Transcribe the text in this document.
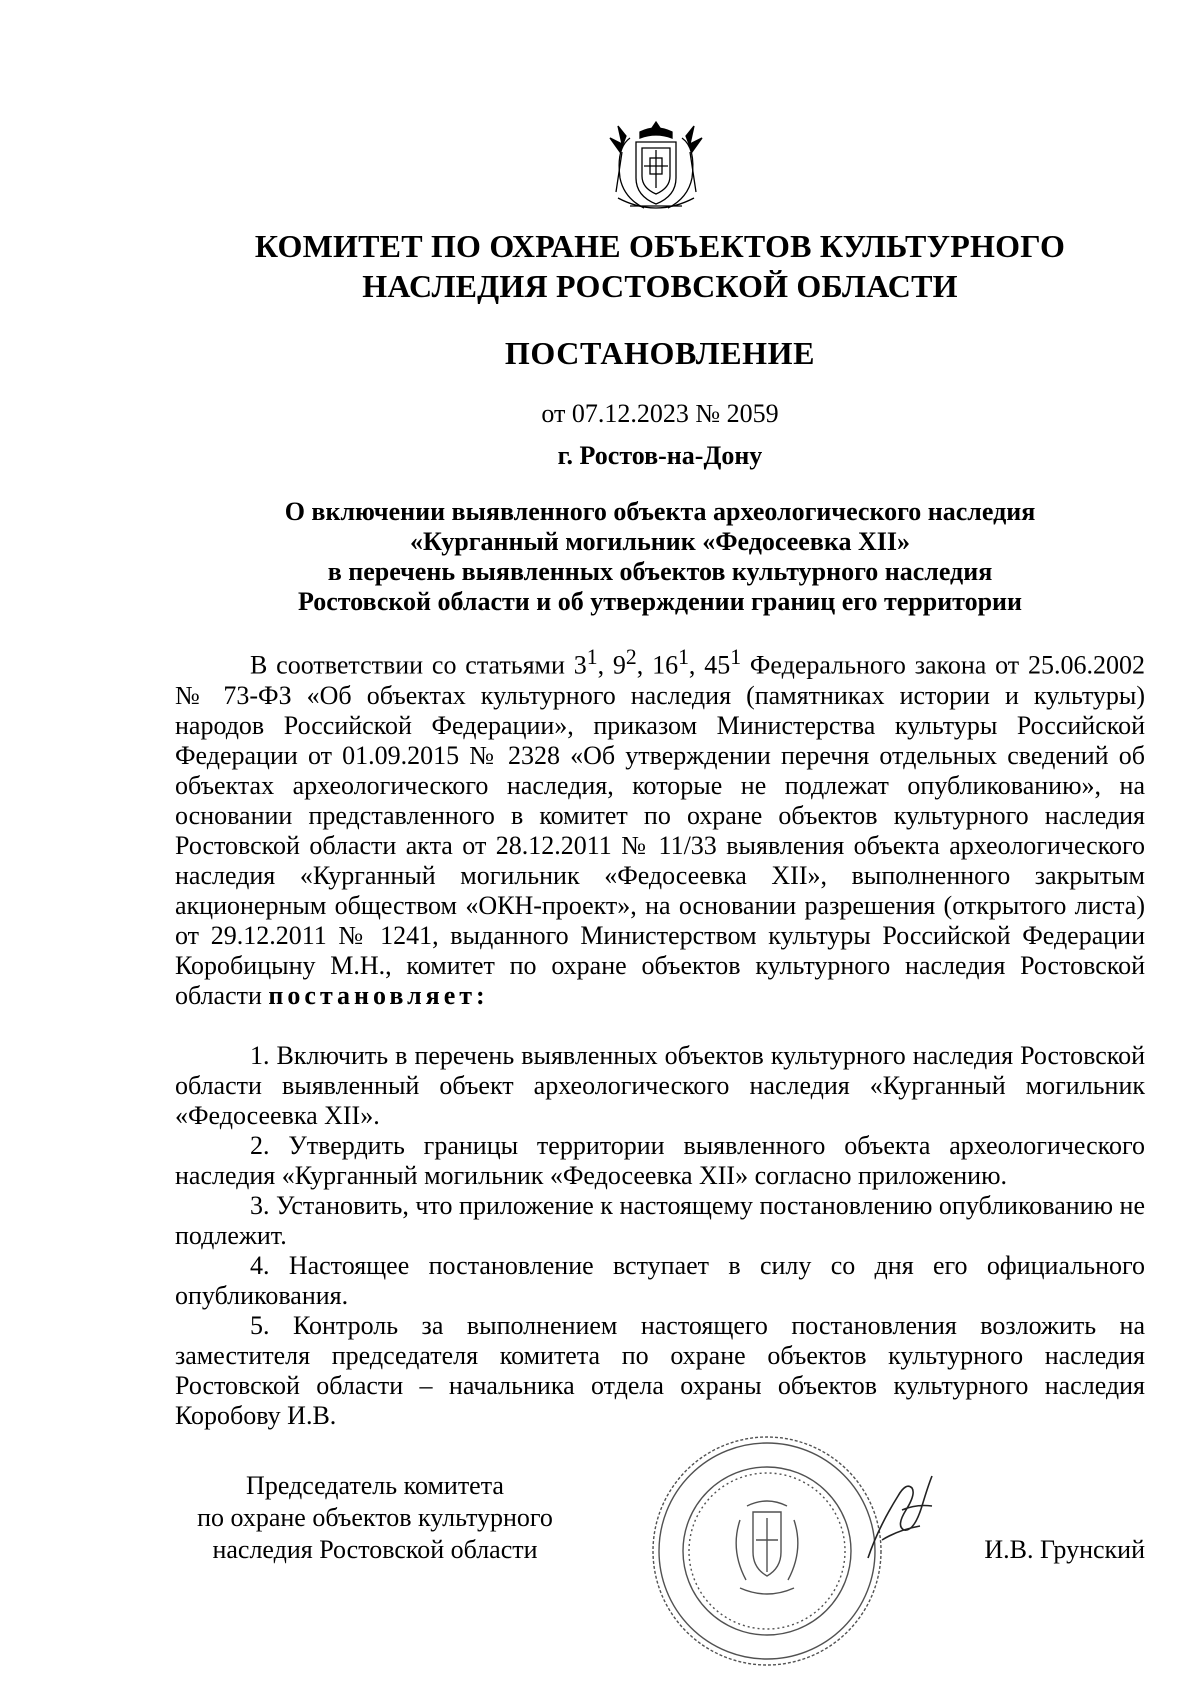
КОМИТЕТ ПО ОХРАНЕ ОБЪЕКТОВ КУЛЬТУРНОГО
НАСЛЕДИЯ РОСТОВСКОЙ ОБЛАСТИ
ПОСТАНОВЛЕНИЕ
от 07.12.2023 № 2059
г. Ростов-на-Дону
О включении выявленного объекта археологического наследия
«Курганный могильник «Федосеевка XII»
в перечень выявленных объектов культурного наследия
Ростовской области и об утверждении границ его территории

В соответствии со статьями $3^1$, $9^2$, $16^1$, $45^1$ Федерального закона от 25.06.2002 № 73-ФЗ «Об объектах культурного наследия (памятниках истории и культуры) народов Российской Федерации», приказом Министерства культуры Российской Федерации от 01.09.2015 № 2328 «Об утверждении перечня отдельных сведений об объектах археологического наследия, которые не подлежат опубликованию», на основании представленного в комитет по охране объектов культурного наследия Ростовской области акта от 28.12.2011 № 11/33 выявления объекта археологического наследия «Курганный могильник «Федосеевка XII», выполненного закрытым акционерным обществом «ОКН-проект», на основании разрешения (открытого листа) от 29.12.2011 № 1241, выданного Министерством культуры Российской Федерации Коробицыну М.Н., комитет по охране объектов культурного наследия Ростовской области постановляет:

1. Включить в перечень выявленных объектов культурного наследия Ростовской области выявленный объект археологического наследия «Курганный могильник «Федосеевка XII».

2. Утвердить границы территории выявленного объекта археологического наследия «Курганный могильник «Федосеевка XII» согласно приложению.

3. Установить, что приложение к настоящему постановлению опубликованию не подлежит.

4. Настоящее постановление вступает в силу со дня его официального опубликования.

5. Контроль за выполнением настоящего постановления возложить на заместителя председателя комитета по охране объектов культурного наследия Ростовской области – начальника отдела охраны объектов культурного наследия Коробову И.В.

Председатель комитета
по охране объектов культурного
наследия Ростовской области	И.В. Грунский
